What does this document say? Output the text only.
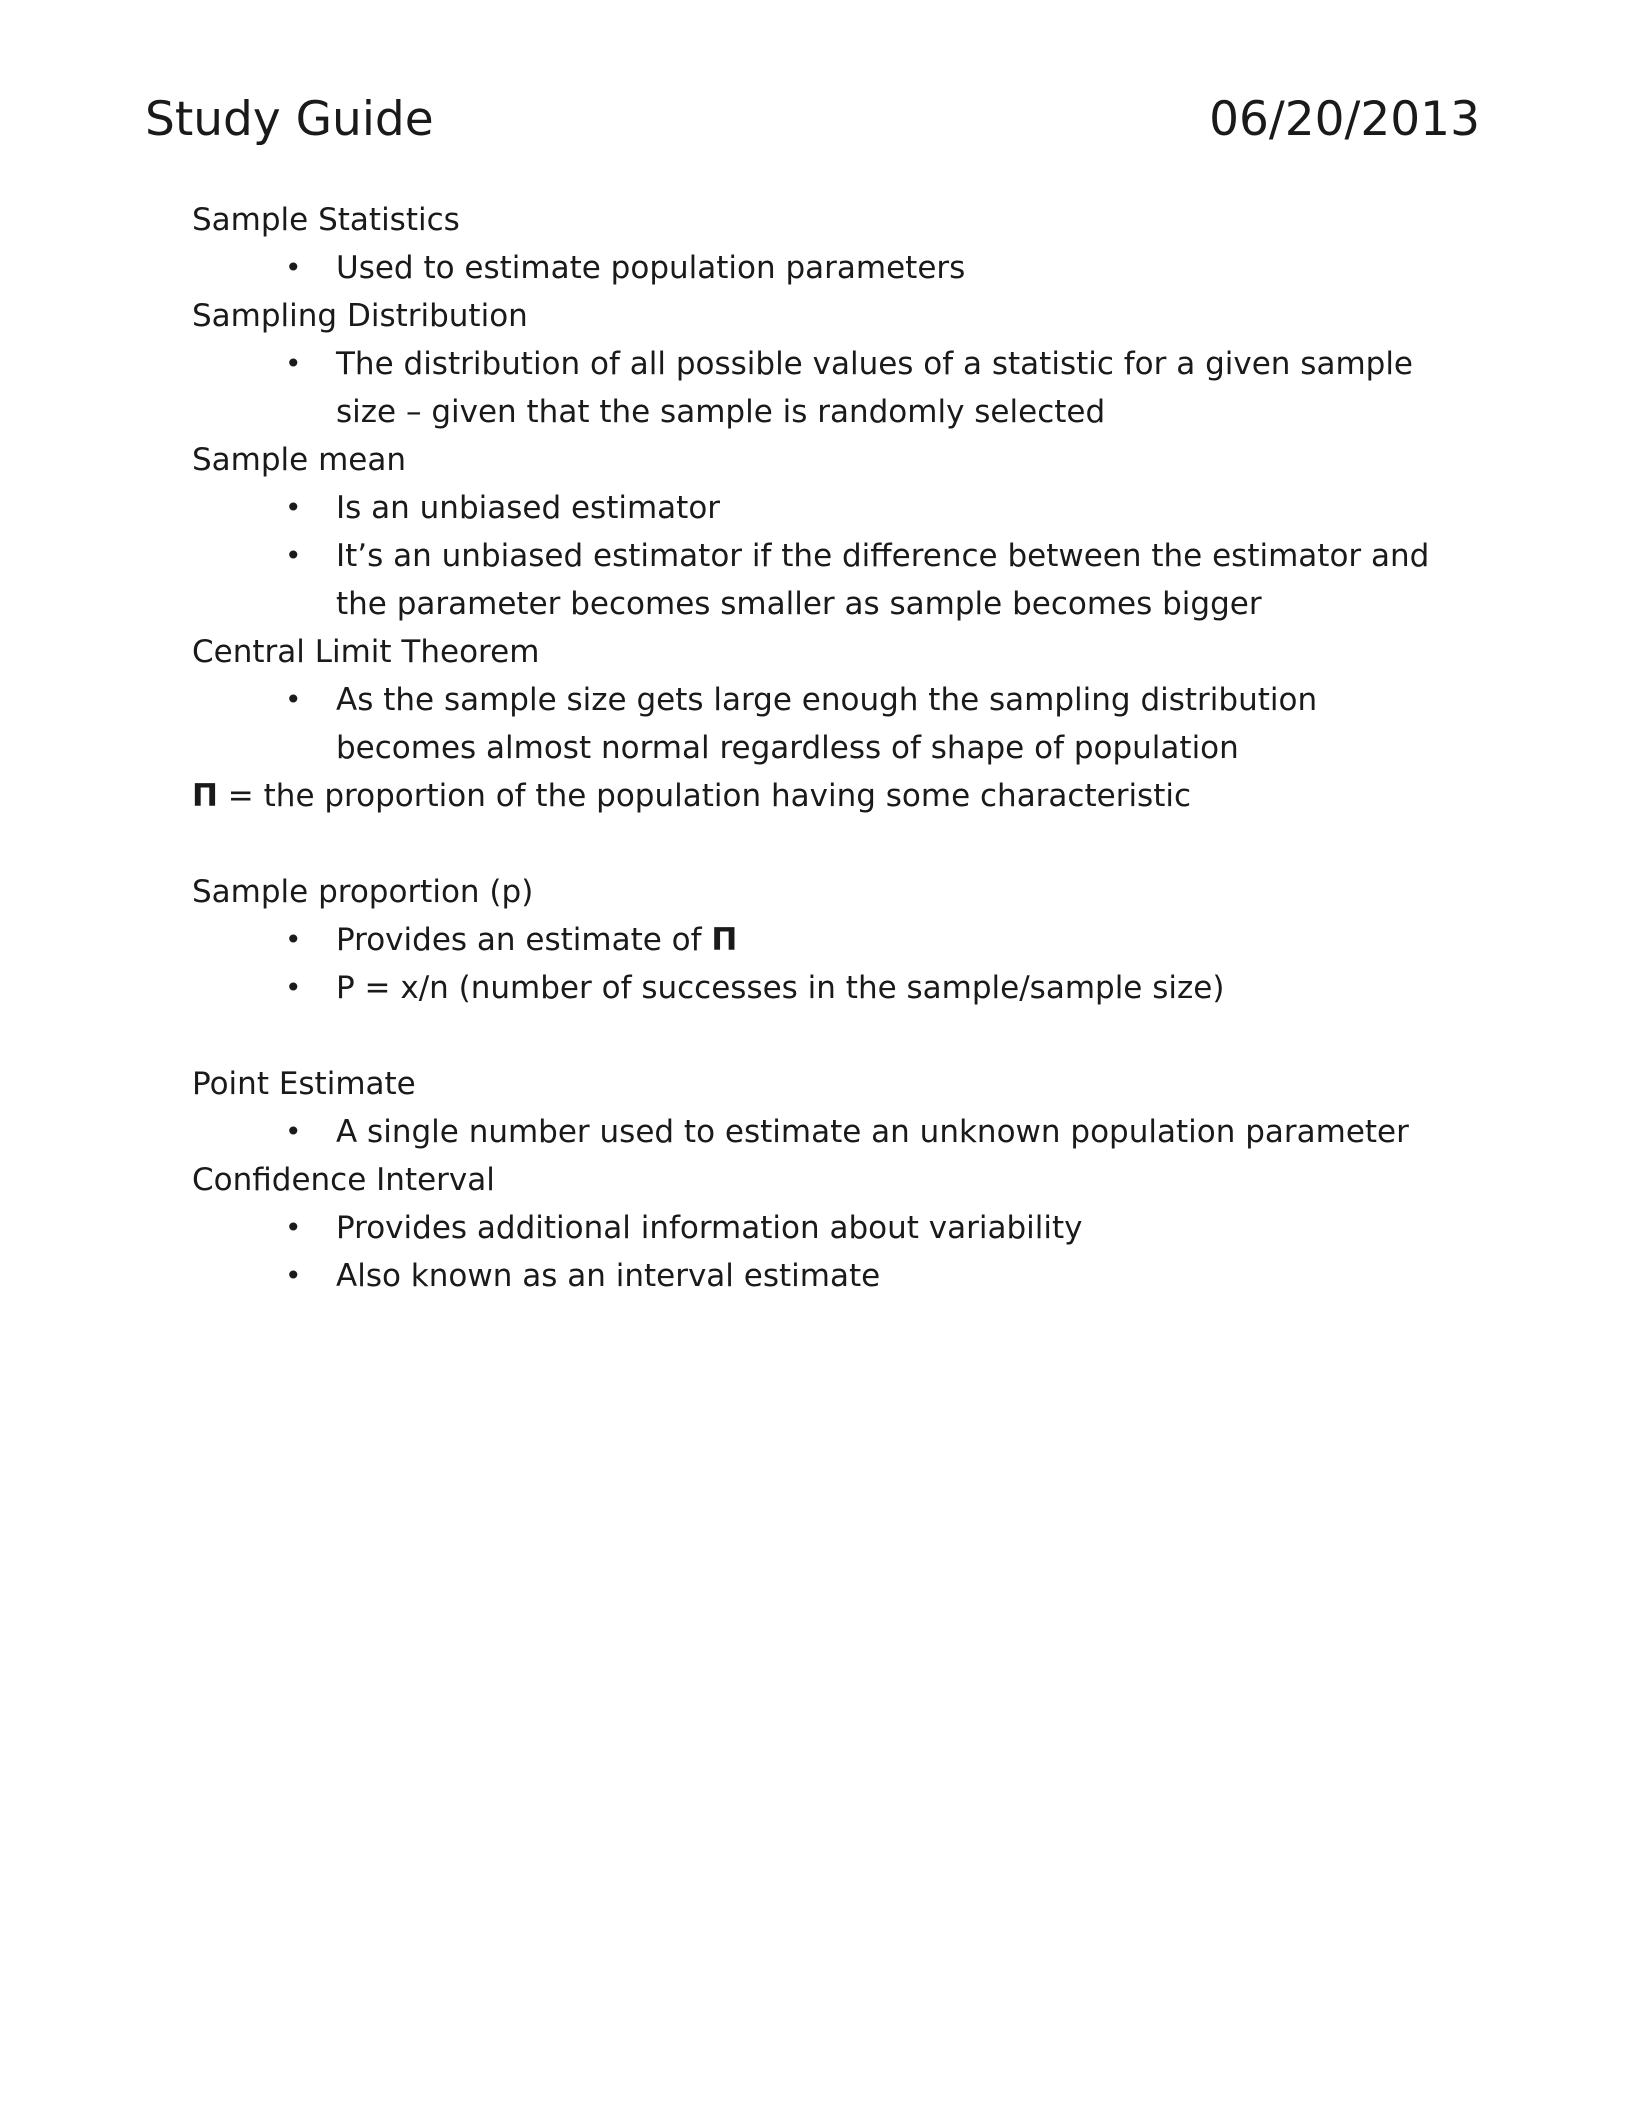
Study Guide	06/20/2013

Sample Statistics

• Used to estimate population parameters

Sampling Distribution

• The distribution of all possible values of a statistic for a given sample size – given that the sample is randomly selected

Sample mean

• Is an unbiased estimator
• It’s an unbiased estimator if the difference between the estimator and the parameter becomes smaller as sample becomes bigger

Central Limit Theorem

• As the sample size gets large enough the sampling distribution becomes almost normal regardless of shape of population

Π = the proportion of the population having some characteristic

Sample proportion (p)

• Provides an estimate of Π
• P = x/n (number of successes in the sample/sample size)

Point Estimate

• A single number used to estimate an unknown population parameter

Confidence Interval

• Provides additional information about variability
• Also known as an interval estimate
